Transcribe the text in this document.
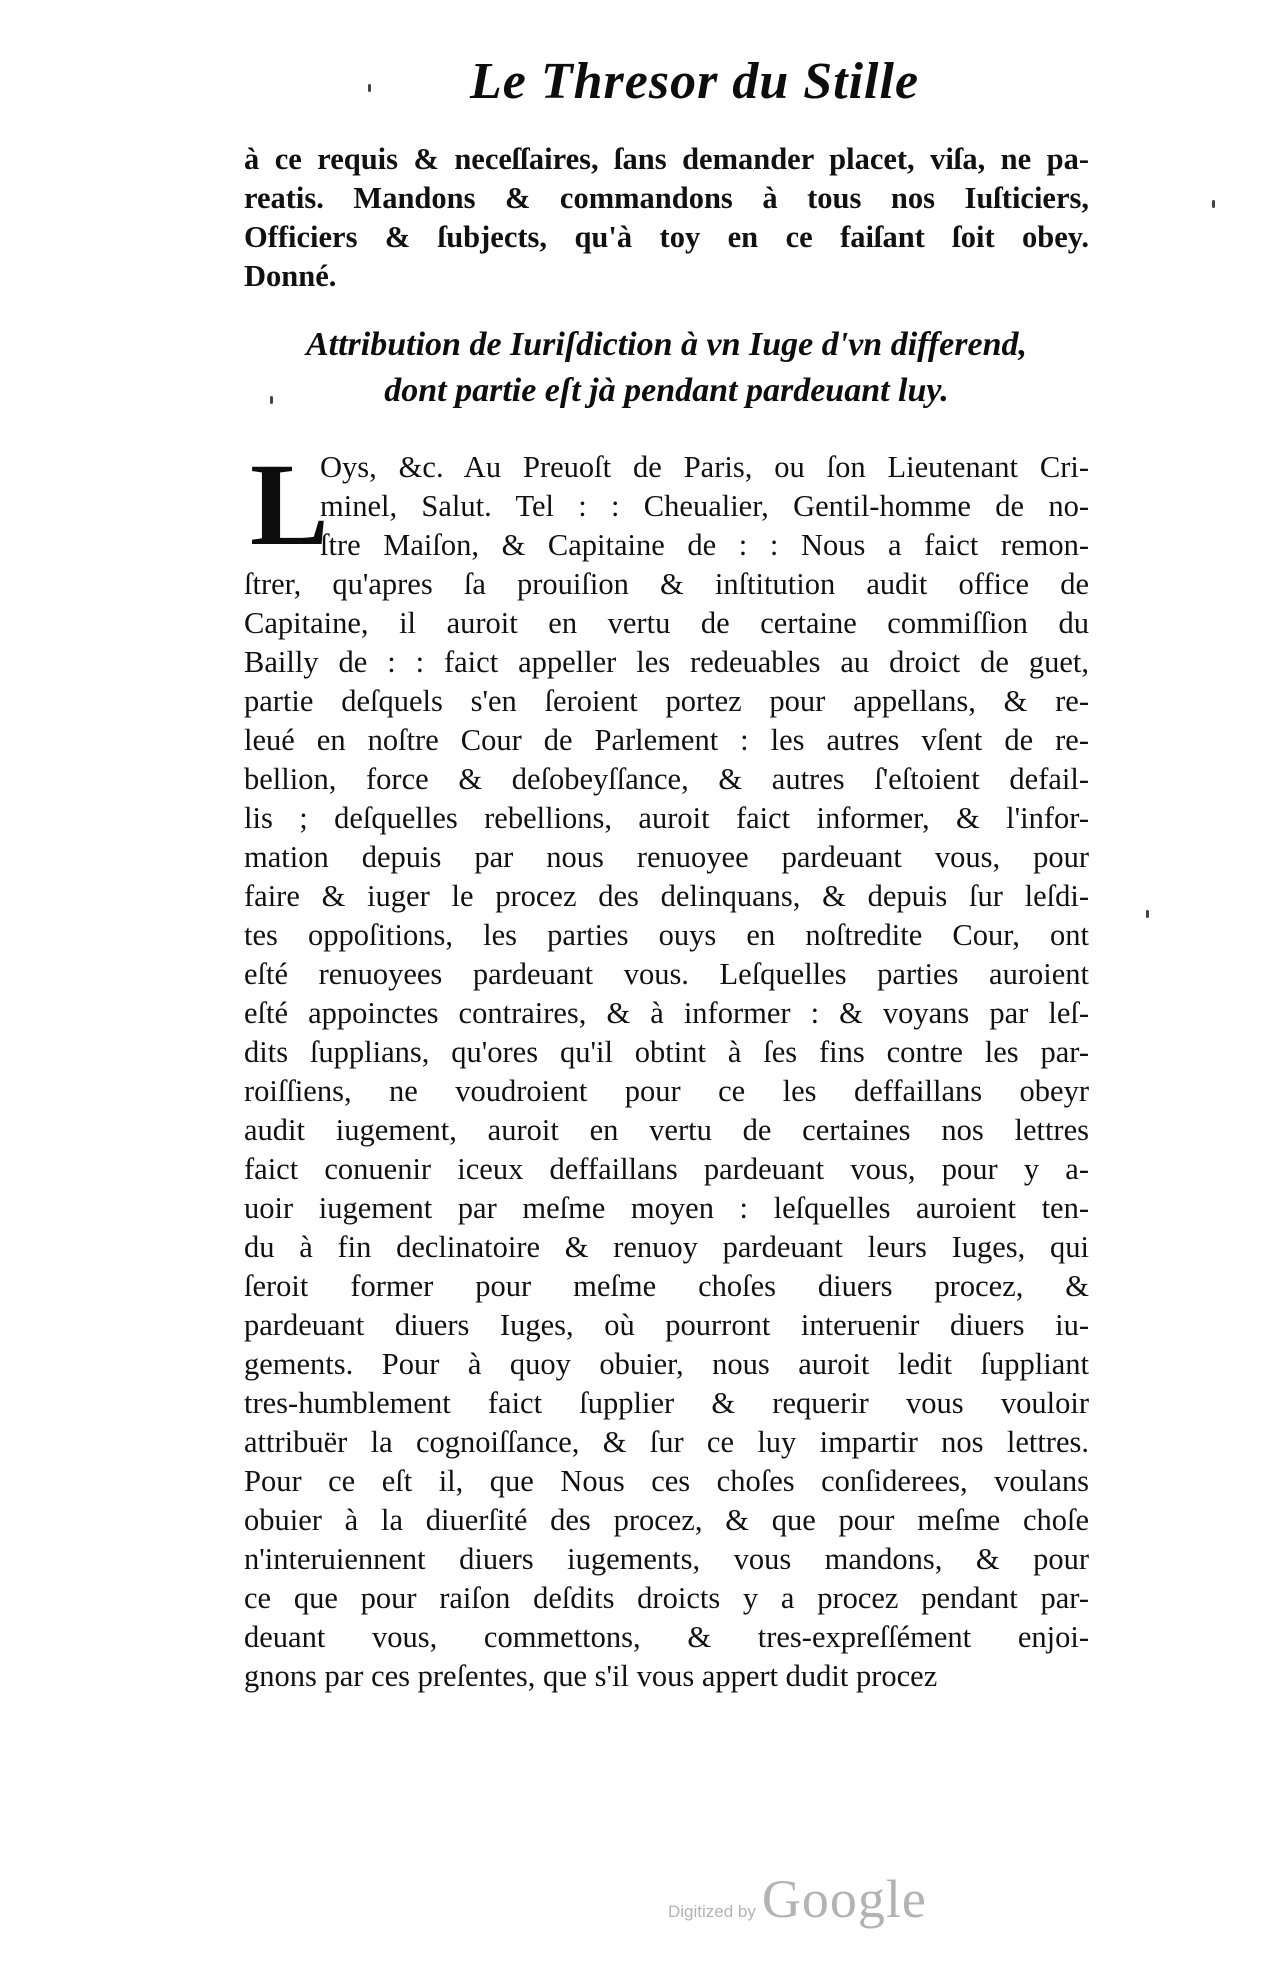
Le Thresor du Stille
à ce requis & neceſſaires, ſans demander placet, viſa, ne pa-
reatis. Mandons & commandons à tous nos Iuſticiers,
Officiers & ſubjects, qu'à toy en ce faiſant ſoit obey.
Donné.
Attribution de Iuriſdiction à vn Iuge d'vn differend,
dont partie eſt jà pendant pardeuant luy.
L
Oys, &c. Au Preuoſt de Paris, ou ſon Lieutenant Cri-
minel, Salut. Tel : : Cheualier, Gentil-homme de no-
ſtre Maiſon, & Capitaine de : : Nous a faict remon-
ſtrer, qu'apres ſa prouiſion & inſtitution audit office de
Capitaine, il auroit en vertu de certaine commiſſion du
Bailly de : : faict appeller les redeuables au droict de guet,
partie deſquels s'en ſeroient portez pour appellans, & re-
leué en noſtre Cour de Parlement : les autres vſent de re-
bellion, force & deſobeyſſance, & autres ſ'eſtoient defail-
lis ; deſquelles rebellions, auroit faict informer, & l'infor-
mation depuis par nous renuoyee pardeuant vous, pour
faire & iuger le procez des delinquans, & depuis ſur leſdi-
tes oppoſitions, les parties ouys en noſtredite Cour, ont
eſté renuoyees pardeuant vous. Leſquelles parties auroient
eſté appoinctes contraires, & à informer : & voyans par leſ-
dits ſupplians, qu'ores qu'il obtint à ſes fins contre les par-
roiſſiens, ne voudroient pour ce les deffaillans obeyr
audit iugement, auroit en vertu de certaines nos lettres
faict conuenir iceux deffaillans pardeuant vous, pour y a-
uoir iugement par meſme moyen : leſquelles auroient ten-
du à fin declinatoire & renuoy pardeuant leurs Iuges, qui
ſeroit former pour meſme choſes diuers procez, &
pardeuant diuers Iuges, où pourront interuenir diuers iu-
gements. Pour à quoy obuier, nous auroit ledit ſuppliant
tres-humblement faict ſupplier & requerir vous vouloir
attribuër la cognoiſſance, & ſur ce luy impartir nos lettres.
Pour ce eſt il, que Nous ces choſes conſiderees, voulans
obuier à la diuerſité des procez, & que pour meſme choſe
n'interuiennent diuers iugements, vous mandons, & pour
ce que pour raiſon deſdits droicts y a procez pendant par-
deuant vous, commettons, & tres-expreſſément enjoi-
gnons par ces preſentes, que s'il vous appert dudit procez
Digitized by Google
